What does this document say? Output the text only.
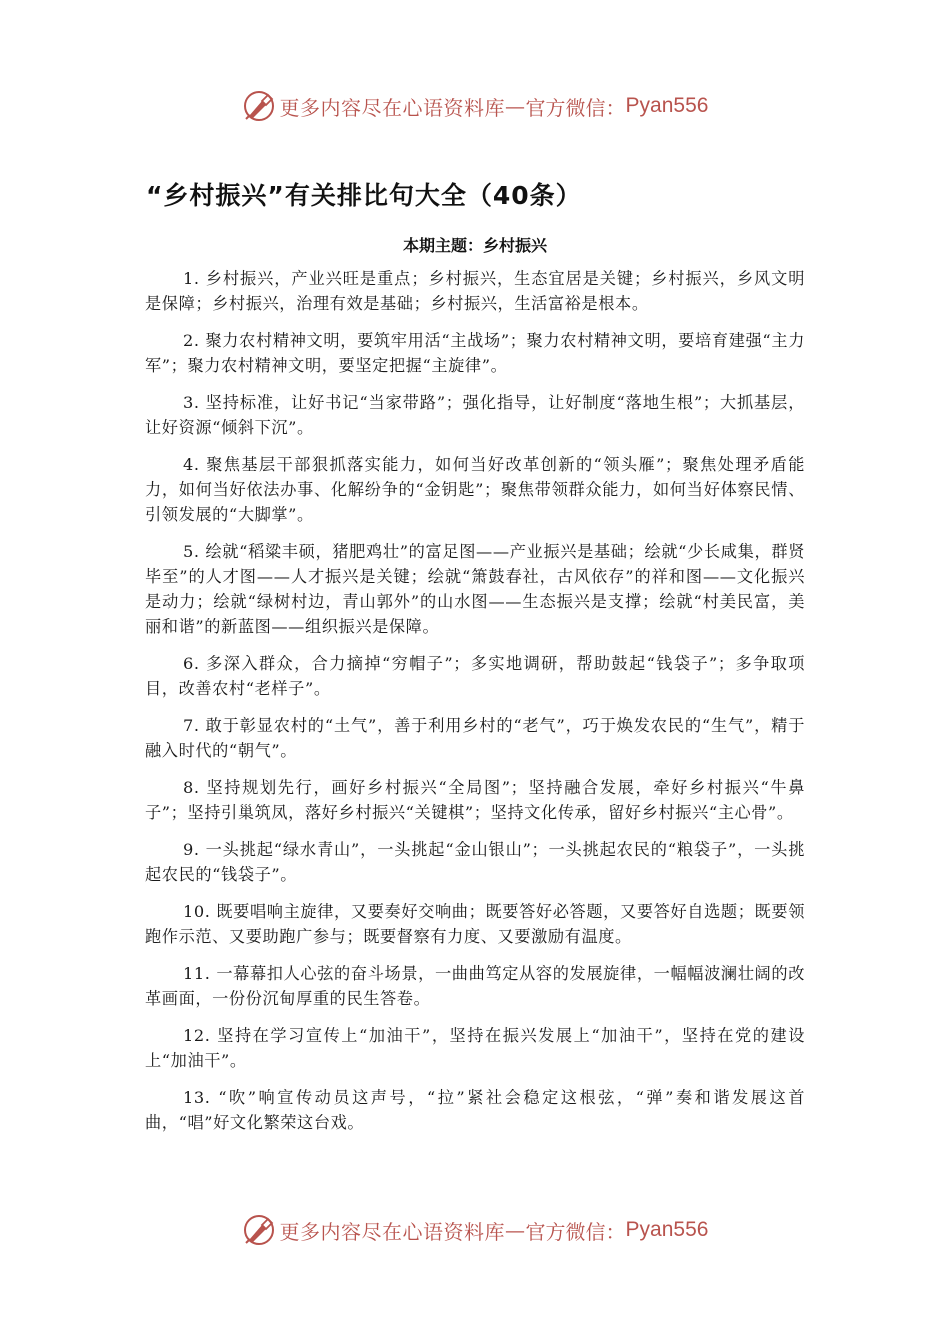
更多内容尽在心语资料库 — 官方微信： Pyan556
“乡村振兴”有关排比句大全（40条）
本期主题：乡村振兴

1. 乡村振兴，产业兴旺是重点；乡村振兴，生态宜居是关键；乡村振兴，乡风文明是保障；乡村振兴，治理有效是基础；乡村振兴，生活富裕是根本。

2. 聚力农村精神文明，要筑牢用活“主战场”；聚力农村精神文明，要培育建强“主力军”；聚力农村精神文明，要坚定把握“主旋律”。

3. 坚持标准，让好书记“当家带路”；强化指导，让好制度“落地生根”；大抓基层，让好资源“倾斜下沉”。

4. 聚焦基层干部狠抓落实能力，如何当好改革创新的“领头雁”；聚焦处理矛盾能力，如何当好依法办事、化解纷争的“金钥匙”；聚焦带领群众能力，如何当好体察民情、引领发展的“大脚掌”。

5. 绘就“稻粱丰硕，猪肥鸡壮”的富足图——产业振兴是基础；绘就“少长咸集，群贤毕至”的人才图——人才振兴是关键；绘就“箫鼓春社，古风依存”的祥和图——文化振兴是动力；绘就“绿树村边，青山郭外”的山水图——生态振兴是支撑；绘就“村美民富，美丽和谐”的新蓝图——组织振兴是保障。

6. 多深入群众，合力摘掉“穷帽子”；多实地调研，帮助鼓起“钱袋子”；多争取项目，改善农村“老样子”。

7. 敢于彰显农村的“土气”，善于利用乡村的“老气”，巧于焕发农民的“生气”，精于融入时代的“朝气”。

8. 坚持规划先行，画好乡村振兴“全局图”；坚持融合发展，牵好乡村振兴“牛鼻子”；坚持引巢筑凤，落好乡村振兴“关键棋”；坚持文化传承，留好乡村振兴“主心骨”。

9. 一头挑起“绿水青山”，一头挑起“金山银山”；一头挑起农民的“粮袋子”，一头挑起农民的“钱袋子”。

10. 既要唱响主旋律，又要奏好交响曲；既要答好必答题，又要答好自选题；既要领跑作示范、又要助跑广参与；既要督察有力度、又要激励有温度。

11. 一幕幕扣人心弦的奋斗场景，一曲曲笃定从容的发展旋律，一幅幅波澜壮阔的改革画面，一份份沉甸厚重的民生答卷。

12. 坚持在学习宣传上“加油干”，坚持在振兴发展上“加油干”，坚持在党的建设上“加油干”。

13. “吹”响宣传动员这声号，“拉”紧社会稳定这根弦，“弹”奏和谐发展这首曲，“唱”好文化繁荣这台戏。

更多内容尽在心语资料库 — 官方微信： Pyan556
